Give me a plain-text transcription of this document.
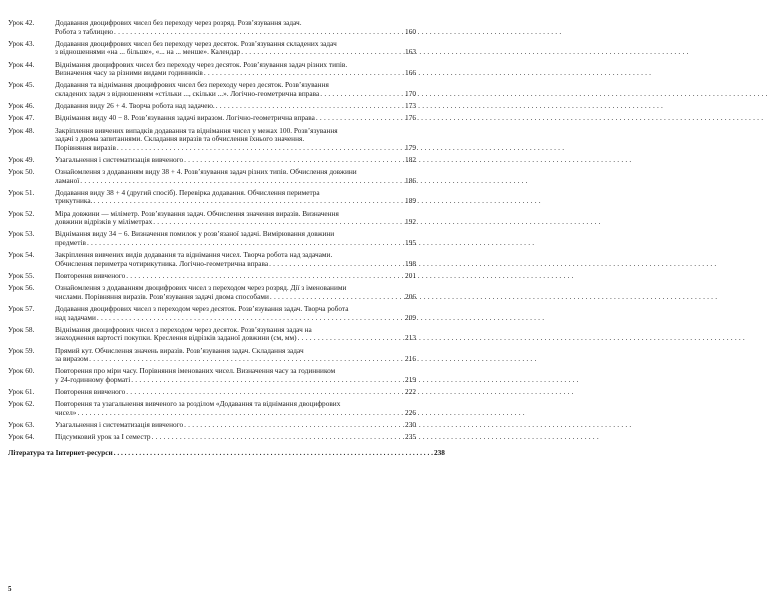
Урок 42.	Додавання двоцифрових чисел без переходу через розряд. Розв’язування задач.
Робота з таблицею . . .	160
Урок 43.	Додавання двоцифрових чисел без переходу через десяток. Розв’язування складених задач
з відношеннями «на ... більше», «... на ... менше». Календар . . .	163
Урок 44.	Віднімання двоцифрових чисел без переходу через десяток. Розв’язування задач різних типів.
Визначення часу за різними видами годинників . . .	166
Урок 45.	Додавання та віднімання двоцифрових чисел без переходу через десяток. Розв’язування
складених задач з відношенням «стільки ..., скільки ...». Логічно-геометрична вправа . . .	170
Урок 46.	Додавання виду 26 + 4. Творча робота над задачею. . . .	173
Урок 47.	Віднімання виду 40 − 8. Розв’язування задачі виразом. Логічно-геометрична вправа . . .	176
Урок 48.	Закріплення вивчених випадків додавання та віднімання чисел у межах 100. Розв’язування
задачі з двома запитаннями. Складання виразів та обчислення їхнього значення.
Порівняння виразів . . .	179
Урок 49.	Узагальнення і систематизація вивченого . . .	182
Урок 50.	Ознайомлення з додаванням виду 38 + 4. Розв’язування задач різних типів. Обчислення довжини
ламаної . . .	186
Урок 51.	Додавання виду 38 + 4 (другий спосіб). Перевірка додавання. Обчислення периметра
трикутника. . . .	189
Урок 52.	Міра довжини — міліметр. Розв’язування задач. Обчислення значення виразів. Визначення
довжини відрізків у міліметрах . . .	192
Урок 53.	Віднімання виду 34 − 6. Визначення помилок у розв’язаної задачі. Вимірювання довжини
предметів . . .	195
Урок 54.	Закріплення вивчених видів додавання та віднімання чисел. Творча робота над задачами.
Обчислення периметра чотирикутника. Логічно-геометрична вправа . . .	198
Урок 55.	Повторення вивченого . . .	201
Урок 56.	Ознайомлення з додаванням двоцифрових чисел з переходом через розряд. Дії з іменованими
числами. Порівняння виразів. Розв’язування задачі двома способами . . .	206
Урок 57.	Додавання двоцифрових чисел з переходом через десяток. Розв’язування задач. Творча робота
над задачами . . .	209
Урок 58.	Віднімання двоцифрових чисел з переходом через десяток. Розв’язування задач на
знаходження вартості покупки. Креслення відрізків заданої довжини (см, мм) . . .	213
Урок 59.	Прямий кут. Обчислення значень виразів. Розв’язування задач. Складання задач
за виразом . . .	216
Урок 60.	Повторення про міри часу. Порівняння іменованих чисел. Визначення часу за годинником
у 24-годинному форматі . . .	219
Урок 61.	Повторення вивченого . . .	222
Урок 62.	Повторення та узагальнення вивченого за розділом «Додавання та віднімання двоцифрових
чисел» . . .	226
Урок 63.	Узагальнення і систематизація вивченого . . .	230
Урок 64.	Підсумковий урок за I семестр . . .	235
Література та Інтернет-ресурси . . .	238
5
